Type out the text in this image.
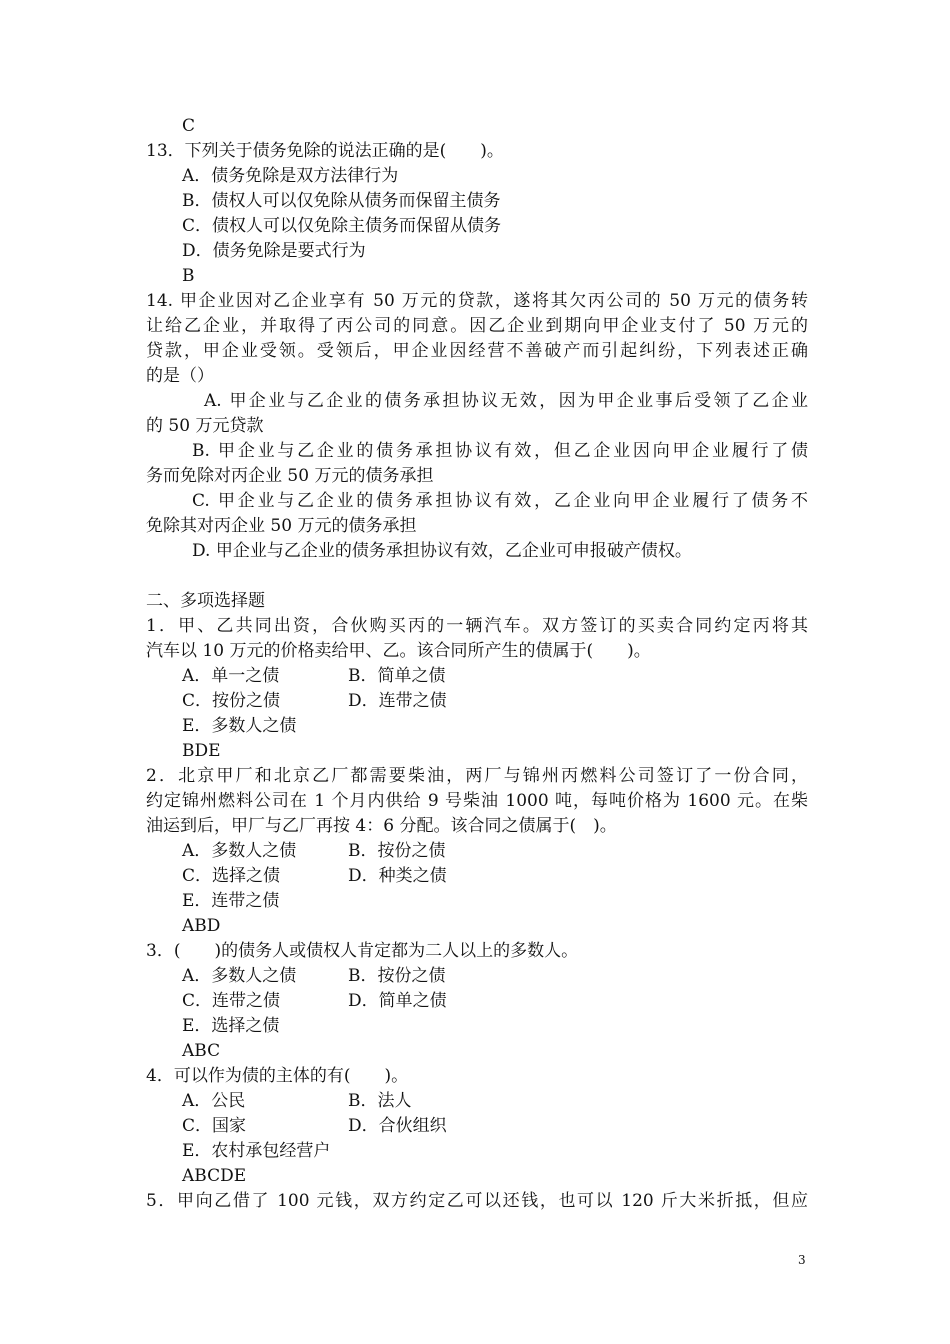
C
13．下列关于债务免除的说法正确的是(　　)。
A．债务免除是双方法律行为
B．债权人可以仅免除从债务而保留主债务
C．债权人可以仅免除主债务而保留从债务
D．债务免除是要式行为
B
14. 甲企业因对乙企业享有 50 万元的贷款，遂将其欠丙公司的 50 万元的债务转
让给乙企业，并取得了丙公司的同意。因乙企业到期向甲企业支付了 50 万元的
贷款，甲企业受领。受领后，甲企业因经营不善破产而引起纠纷，下列表述正确
的是（）
A. 甲企业与乙企业的债务承担协议无效，因为甲企业事后受领了乙企业
的 50 万元贷款
B. 甲企业与乙企业的债务承担协议有效，但乙企业因向甲企业履行了债
务而免除对丙企业 50 万元的债务承担
C. 甲企业与乙企业的债务承担协议有效，乙企业向甲企业履行了债务不
免除其对丙企业 50 万元的债务承担
D. 甲企业与乙企业的债务承担协议有效，乙企业可申报破产债权。
二、多项选择题
1．甲、乙共同出资，合伙购买丙的一辆汽车。双方签订的买卖合同约定丙将其
汽车以 10 万元的价格卖给甲、乙。该合同所产生的债属于(　　)。
A．单一之债	B．简单之债
C．按份之债	D．连带之债
E．多数人之债
BDE
2．北京甲厂和北京乙厂都需要柴油，两厂与锦州丙燃料公司签订了一份合同，
约定锦州燃料公司在 1 个月内供给 9 号柴油 1000 吨，每吨价格为 1600 元。在柴
油运到后，甲厂与乙厂再按 4：6 分配。该合同之债属于(　)。
A．多数人之债	B．按份之债
C．选择之债	D．种类之债
E．连带之债
ABD
3．(　　)的债务人或债权人肯定都为二人以上的多数人。
A．多数人之债	B．按份之债
C．连带之债	D．简单之债
E．选择之债
ABC
4．可以作为债的主体的有(　　)。
A．公民	B．法人
C．国家	D．合伙组织
E．农村承包经营户
ABCDE
5．甲向乙借了 100 元钱，双方约定乙可以还钱，也可以 120 斤大米折抵，但应
3
